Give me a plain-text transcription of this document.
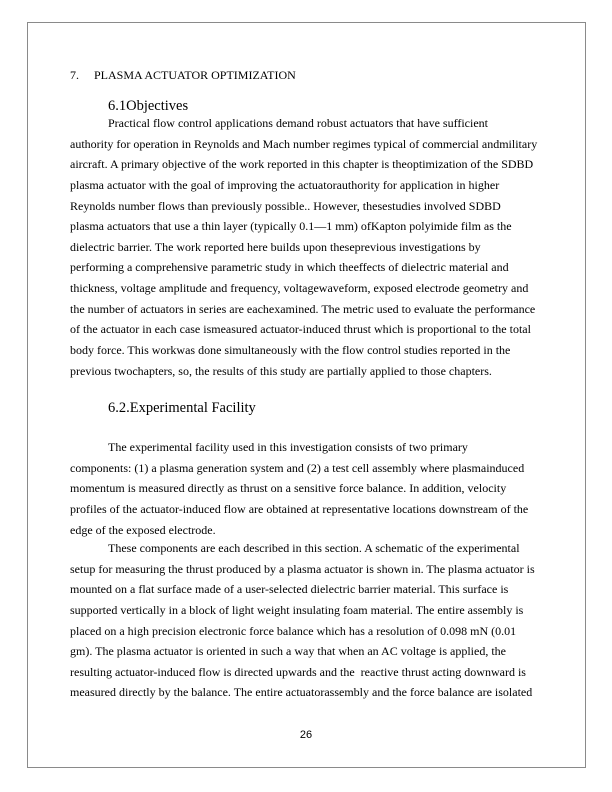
7. PLASMA ACTUATOR OPTIMIZATION
6.1Objectives
Practical flow control applications demand robust actuators that have sufficient
authority for operation in Reynolds and Mach number regimes typical of commercial andmilitary
aircraft. A primary objective of the work reported in this chapter is theoptimization of the SDBD
plasma actuator with the goal of improving the actuatorauthority for application in higher
Reynolds number flows than previously possible.. However, thesestudies involved SDBD
plasma actuators that use a thin layer (typically 0.1—1 mm) ofKapton polyimide film as the
dielectric barrier. The work reported here builds upon theseprevious investigations by
performing a comprehensive parametric study in which theeffects of dielectric material and
thickness, voltage amplitude and frequency, voltagewaveform, exposed electrode geometry and
the number of actuators in series are eachexamined. The metric used to evaluate the performance
of the actuator in each case ismeasured actuator-induced thrust which is proportional to the total
body force. This workwas done simultaneously with the flow control studies reported in the
previous twochapters, so, the results of this study are partially applied to those chapters.
6.2.Experimental Facility
The experimental facility used in this investigation consists of two primary
components: (1) a plasma generation system and (2) a test cell assembly where plasmainduced
momentum is measured directly as thrust on a sensitive force balance. In addition, velocity
profiles of the actuator-induced flow are obtained at representative locations downstream of the
edge of the exposed electrode.
These components are each described in this section. A schematic of the experimental
setup for measuring the thrust produced by a plasma actuator is shown in. The plasma actuator is
mounted on a flat surface made of a user-selected dielectric barrier material. This surface is
supported vertically in a block of light weight insulating foam material. The entire assembly is
placed on a high precision electronic force balance which has a resolution of 0.098 mN (0.01
gm). The plasma actuator is oriented in such a way that when an AC voltage is applied, the
resulting actuator-induced flow is directed upwards and the  reactive thrust acting downward is
measured directly by the balance. The entire actuatorassembly and the force balance are isolated
26
